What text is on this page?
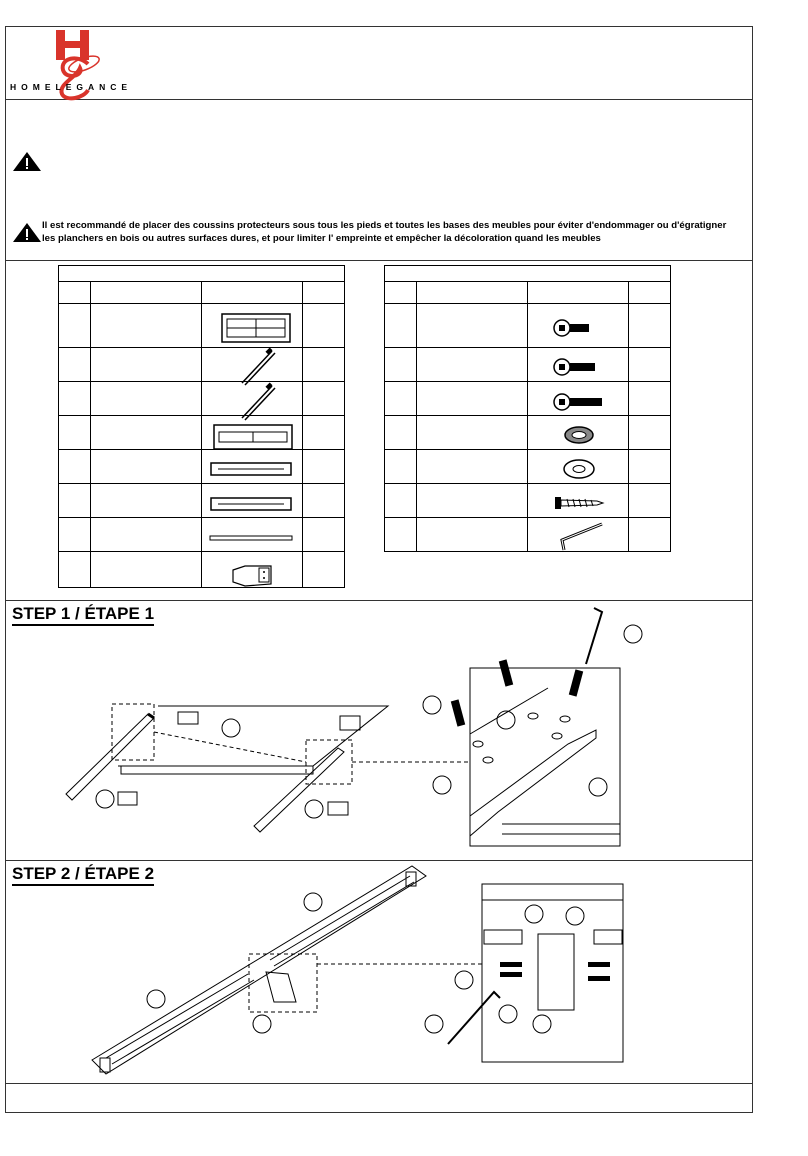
HOMELEGANCE
Il est recommandé de placer des coussins protecteurs sous tous les pieds et toutes les bases des meubles pour éviter d'endommager ou d'égratigner les planchers en bois ou autres surfaces dures, et pour limiter l' empreinte et empêcher la décoloration quand les meubles

STEP 1 / ÉTAPE 1
STEP 2 / ÉTAPE 2
